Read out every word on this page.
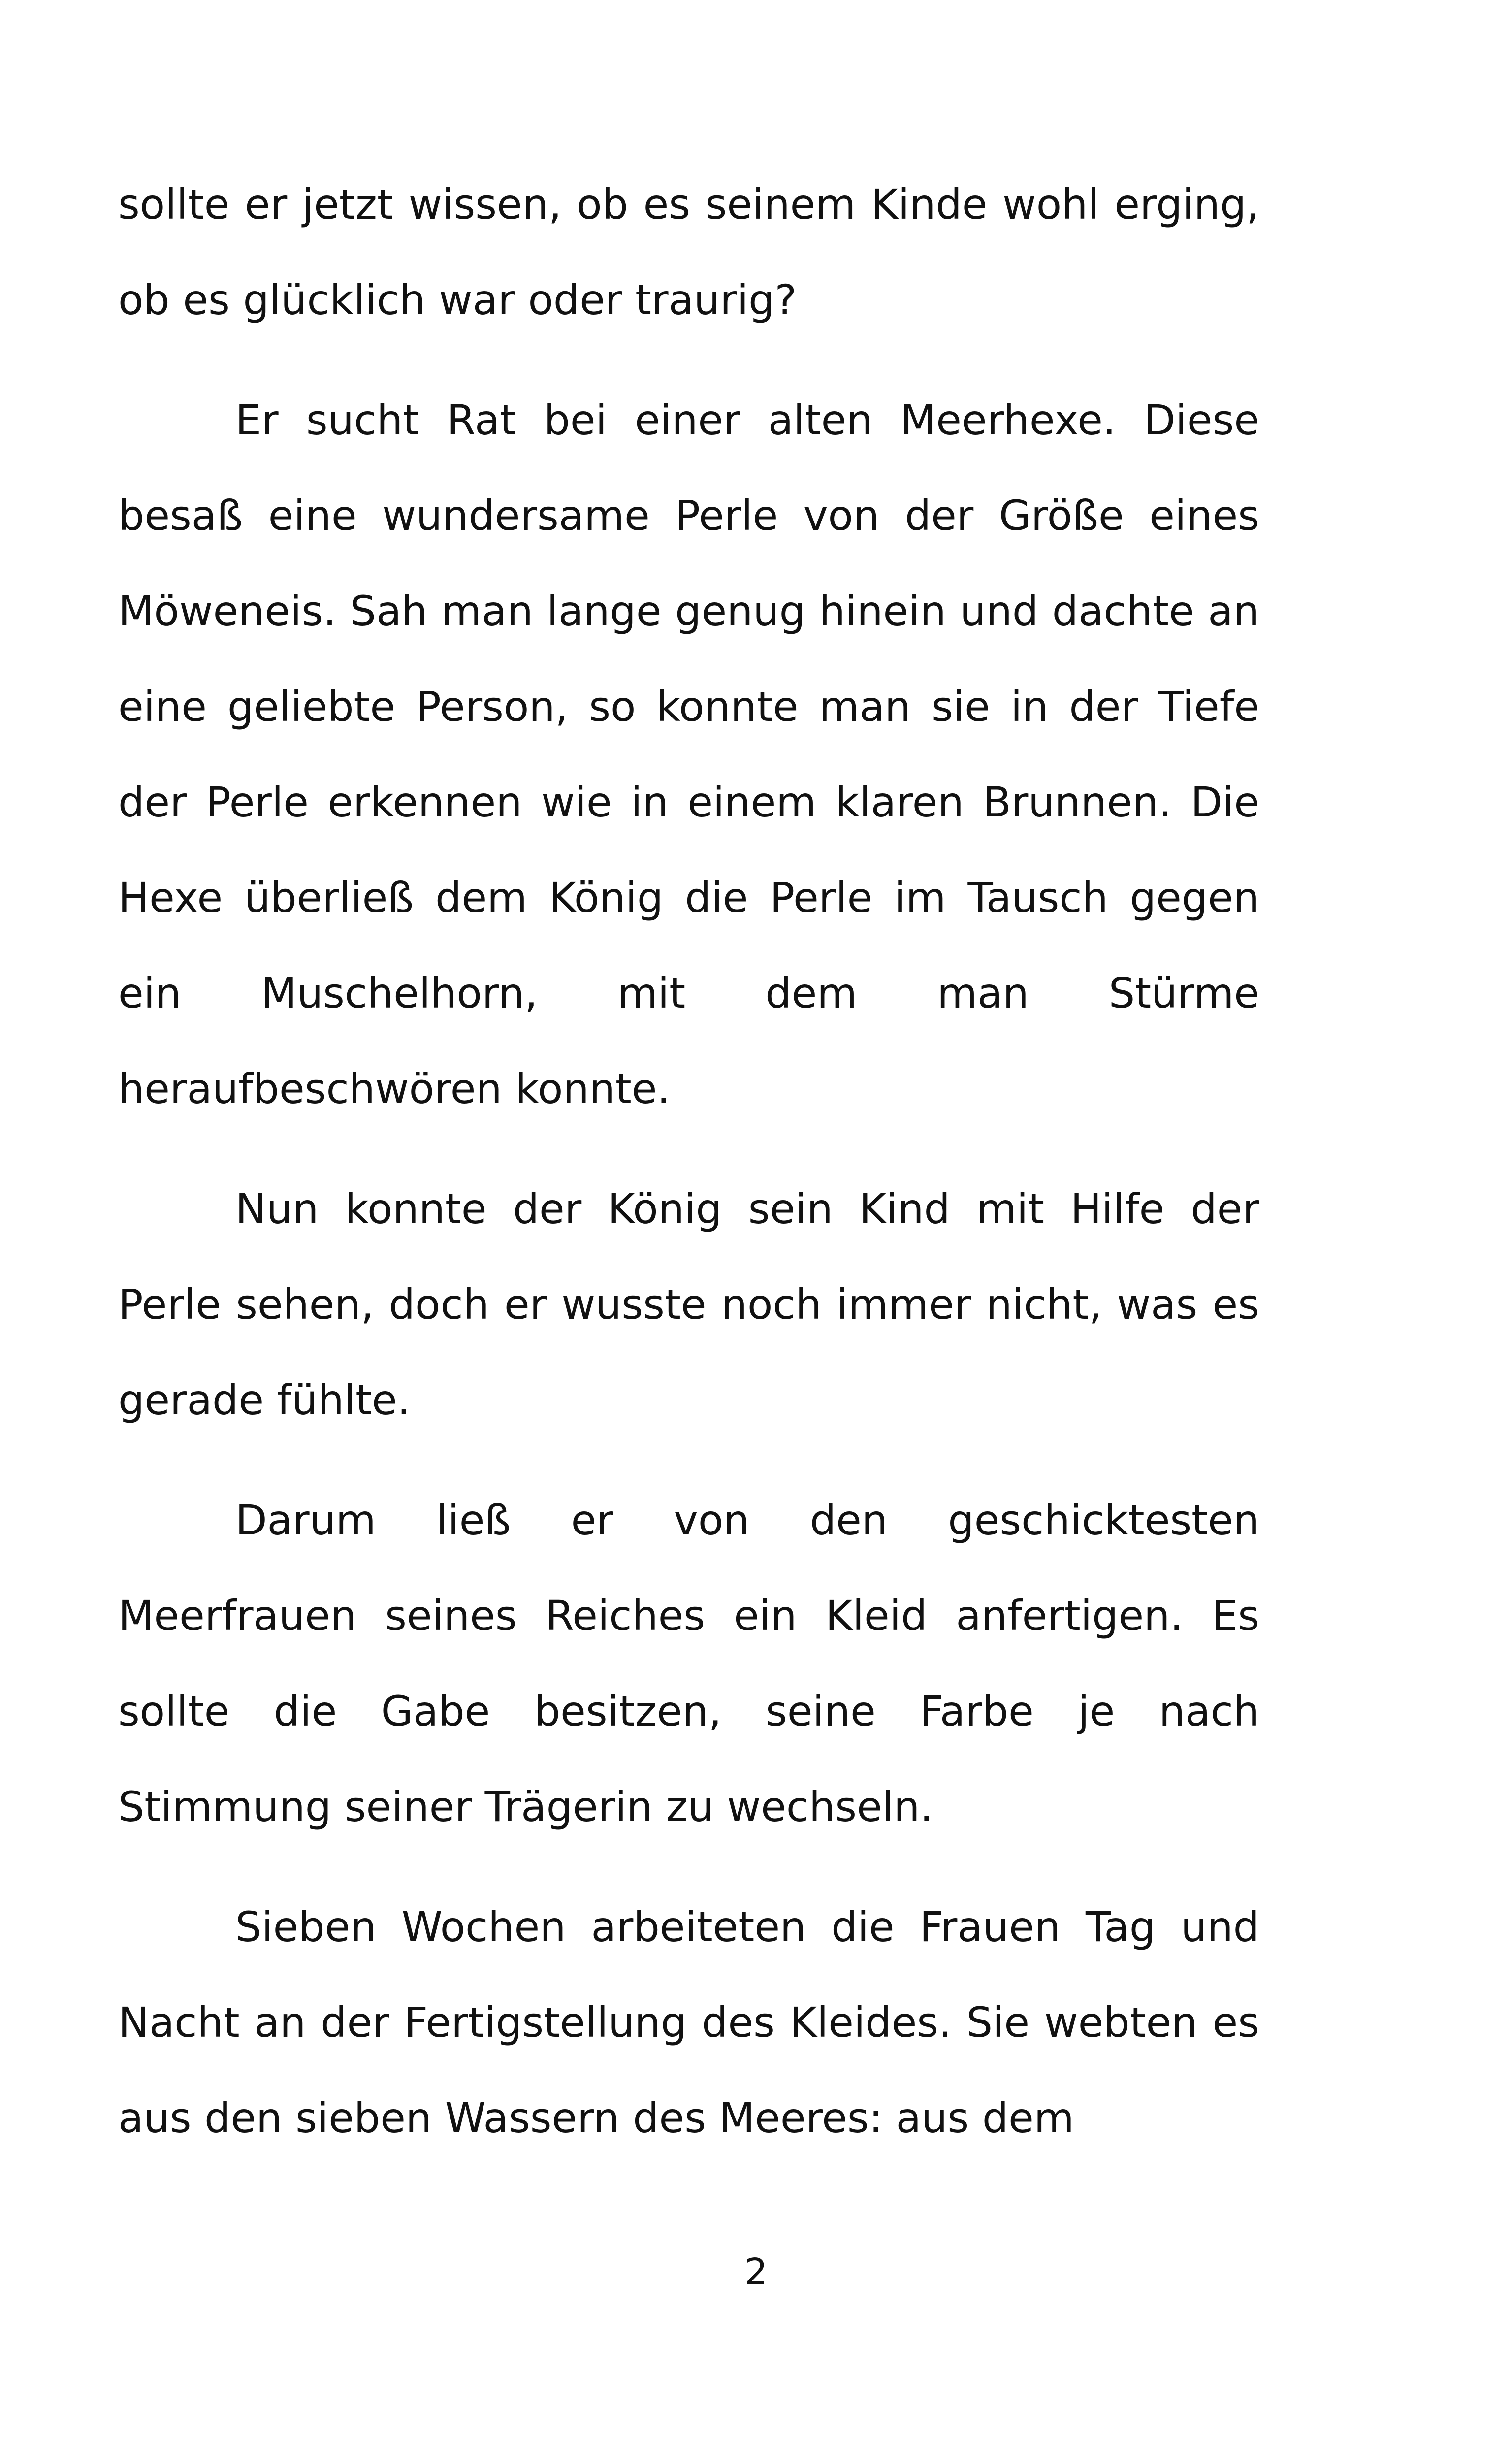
sollte er jetzt wissen, ob es seinem Kinde wohl erging, ob es glücklich war oder traurig?

Er sucht Rat bei einer alten Meerhexe. Diese besaß eine wundersame Perle von der Größe eines Möweneis. Sah man lange genug hinein und dachte an eine geliebte Person, so konnte man sie in der Tiefe der Perle erkennen wie in einem klaren Brunnen. Die Hexe überließ dem König die Perle im Tausch gegen ein Muschelhorn, mit dem man Stürme heraufbeschwören konnte.

Nun konnte der König sein Kind mit Hilfe der Perle sehen, doch er wusste noch immer nicht, was es gerade fühlte.

Darum ließ er von den geschicktesten Meerfrauen seines Reiches ein Kleid anfertigen. Es sollte die Gabe besitzen, seine Farbe je nach Stimmung seiner Trägerin zu wechseln.

Sieben Wochen arbeiteten die Frauen Tag und Nacht an der Fertigstellung des Kleides. Sie webten es aus den sieben Wassern des Meeres: aus dem

2
